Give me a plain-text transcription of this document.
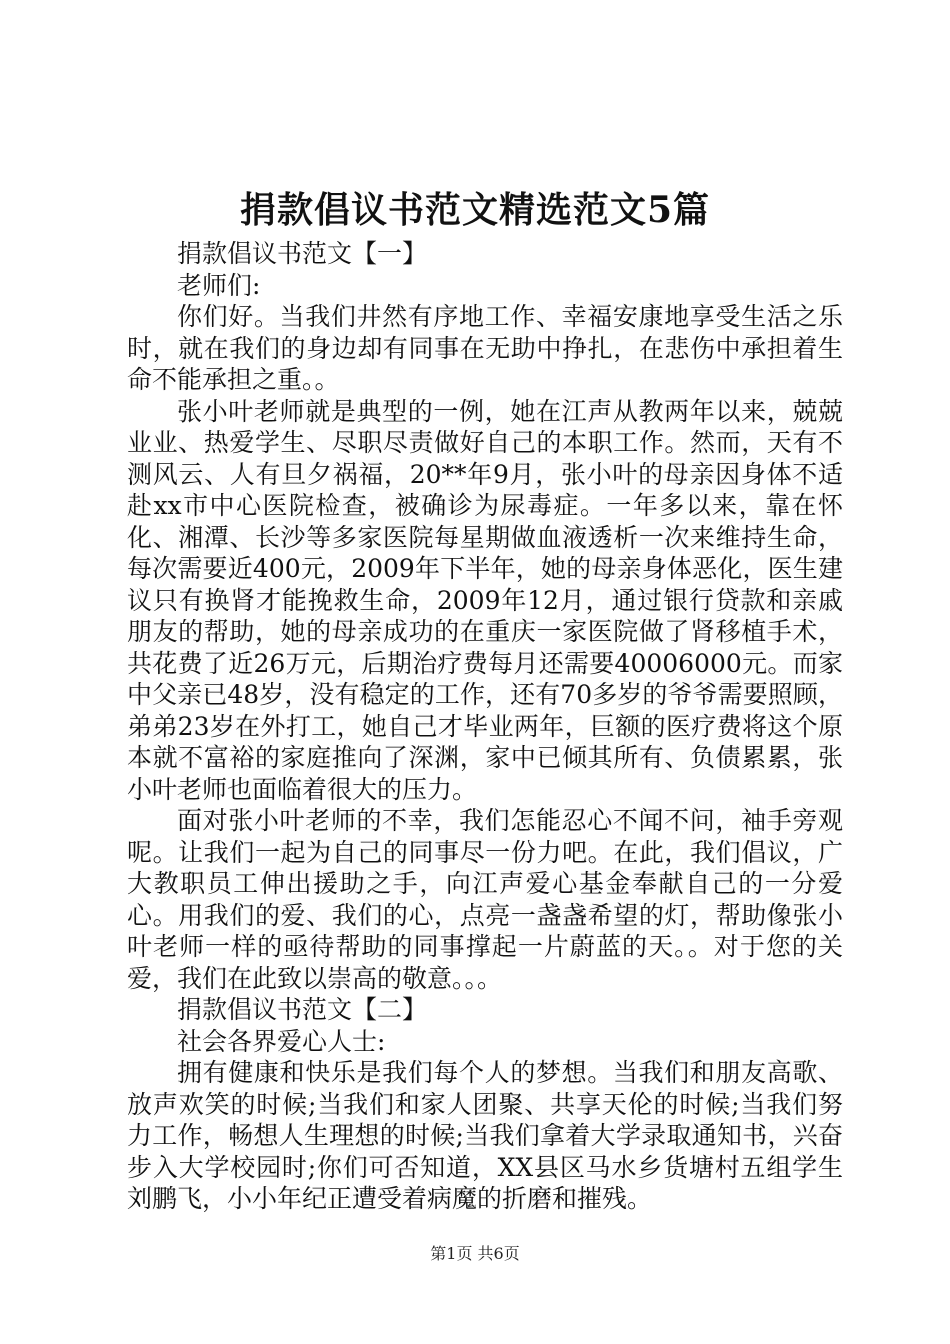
捐款倡议书范文精选范文5篇

捐款倡议书范文【一】

老师们:

你们好。当我们井然有序地工作、幸福安康地享受生活之乐时，就在我们的身边却有同事在无助中挣扎，在悲伤中承担着生命不能承担之重。。

张小叶老师就是典型的一例，她在江声从教两年以来，兢兢业业、热爱学生、尽职尽责做好自己的本职工作。然而，天有不测风云、人有旦夕祸福，20**年9月，张小叶的母亲因身体不适赴xx市中心医院检查，被确诊为尿毒症。一年多以来，靠在怀化、湘潭、长沙等多家医院每星期做血液透析一次来维持生命，每次需要近400元，2009年下半年，她的母亲身体恶化，医生建议只有换肾才能挽救生命，2009年12月，通过银行贷款和亲戚朋友的帮助，她的母亲成功的在重庆一家医院做了肾移植手术，共花费了近26万元，后期治疗费每月还需要40006000元。而家中父亲已48岁，没有稳定的工作，还有70多岁的爷爷需要照顾，弟弟23岁在外打工，她自己才毕业两年，巨额的医疗费将这个原本就不富裕的家庭推向了深渊，家中已倾其所有、负债累累，张小叶老师也面临着很大的压力。

面对张小叶老师的不幸，我们怎能忍心不闻不问，袖手旁观呢。让我们一起为自己的同事尽一份力吧。在此，我们倡议，广大教职员工伸出援助之手，向江声爱心基金奉献自己的一分爱心。用我们的爱、我们的心，点亮一盏盏希望的灯，帮助像张小叶老师一样的亟待帮助的同事撑起一片蔚蓝的天。。对于您的关爱，我们在此致以崇高的敬意。。。

捐款倡议书范文【二】

社会各界爱心人士:

拥有健康和快乐是我们每个人的梦想。当我们和朋友高歌、放声欢笑的时候;当我们和家人团聚、共享天伦的时候;当我们努力工作，畅想人生理想的时候;当我们拿着大学录取通知书，兴奋步入大学校园时;你们可否知道，XX县区马水乡货塘村五组学生刘鹏飞，小小年纪正遭受着病魔的折磨和摧残。

第1页 共6页
